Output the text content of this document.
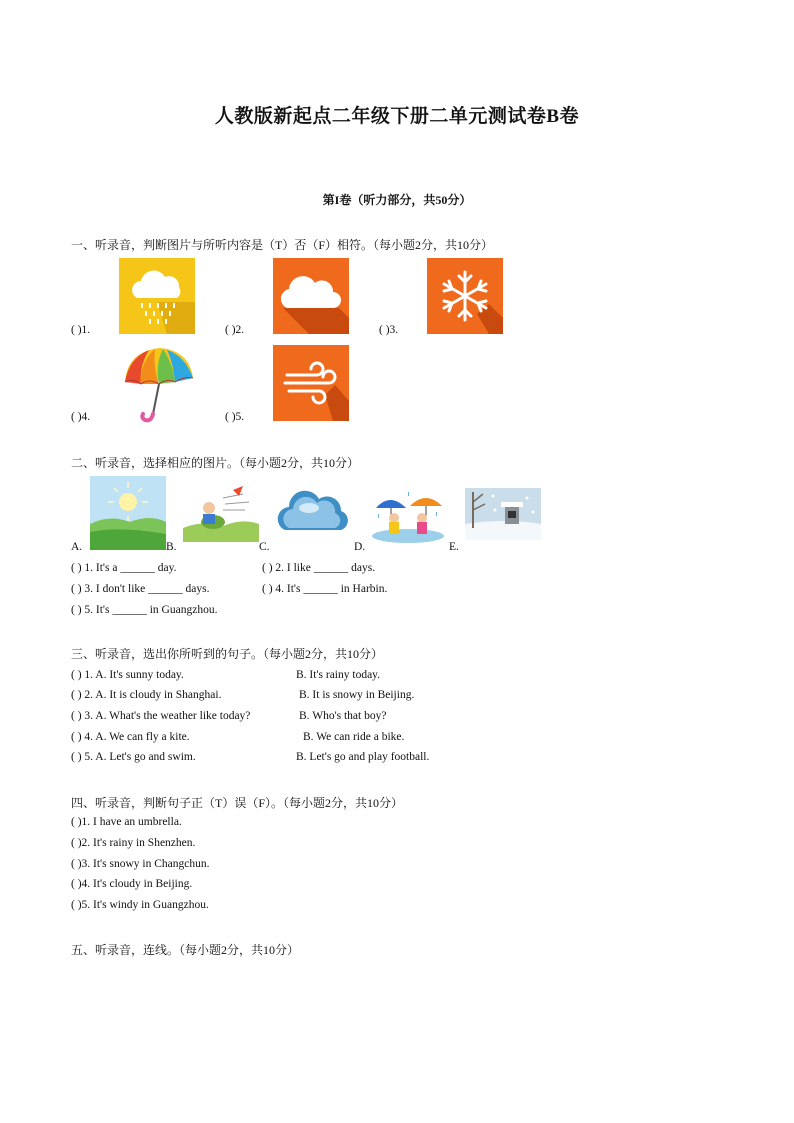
人教版新起点二年级下册二单元测试卷B卷
第I卷（听力部分，共50分）
一、听录音，判断图片与所听内容是（T）否（F）相符。（每小题2分，共10分）
( )1.	( )2.	( )3.
( )4.	( )5.
二、听录音，选择相应的图片。（每小题2分，共10分）
A.	B.	C.	D.	E.
( ) 1. It's a ______ day.	( ) 2. I like ______ days.
( ) 3. I don't like ______ days.	( ) 4. It's ______ in Harbin.
( ) 5. It's ______ in Guangzhou.
三、听录音，选出你所听到的句子。（每小题2分，共10分）
( ) 1. A. It's sunny today.	B. It's rainy today.
( ) 2. A. It is cloudy in Shanghai.	B. It is snowy in Beijing.
( ) 3. A. What's the weather like today?	B. Who's that boy?
( ) 4. A. We can fly a kite.	B. We can ride a bike.
( ) 5. A. Let's go and swim.	B. Let's go and play football.
四、听录音，判断句子正（T）误（F）。（每小题2分，共10分）
( )1. I have an umbrella.
( )2. It's rainy in Shenzhen.
( )3. It's snowy in Changchun.
( )4. It's cloudy in Beijing.
( )5. It's windy in Guangzhou.
五、听录音，连线。（每小题2分，共10分）
